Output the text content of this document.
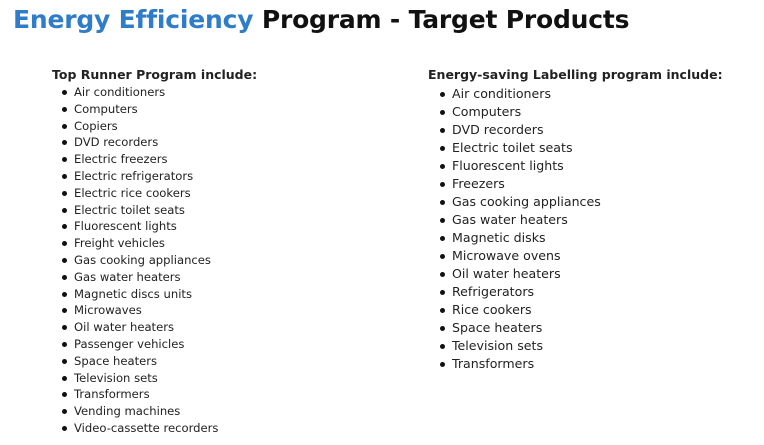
Energy Efficiency Program - Target Products

Top Runner Program include:

Air conditioners
Computers
Copiers
DVD recorders
Electric freezers
Electric refrigerators
Electric rice cookers
Electric toilet seats
Fluorescent lights
Freight vehicles
Gas cooking appliances
Gas water heaters
Magnetic discs units
Microwaves
Oil water heaters
Passenger vehicles
Space heaters
Television sets
Transformers
Vending machines
Video-cassette recorders

Energy-saving Labelling program include:

Air conditioners
Computers
DVD recorders
Electric toilet seats
Fluorescent lights
Freezers
Gas cooking appliances
Gas water heaters
Magnetic disks
Microwave ovens
Oil water heaters
Refrigerators
Rice cookers
Space heaters
Television sets
Transformers
